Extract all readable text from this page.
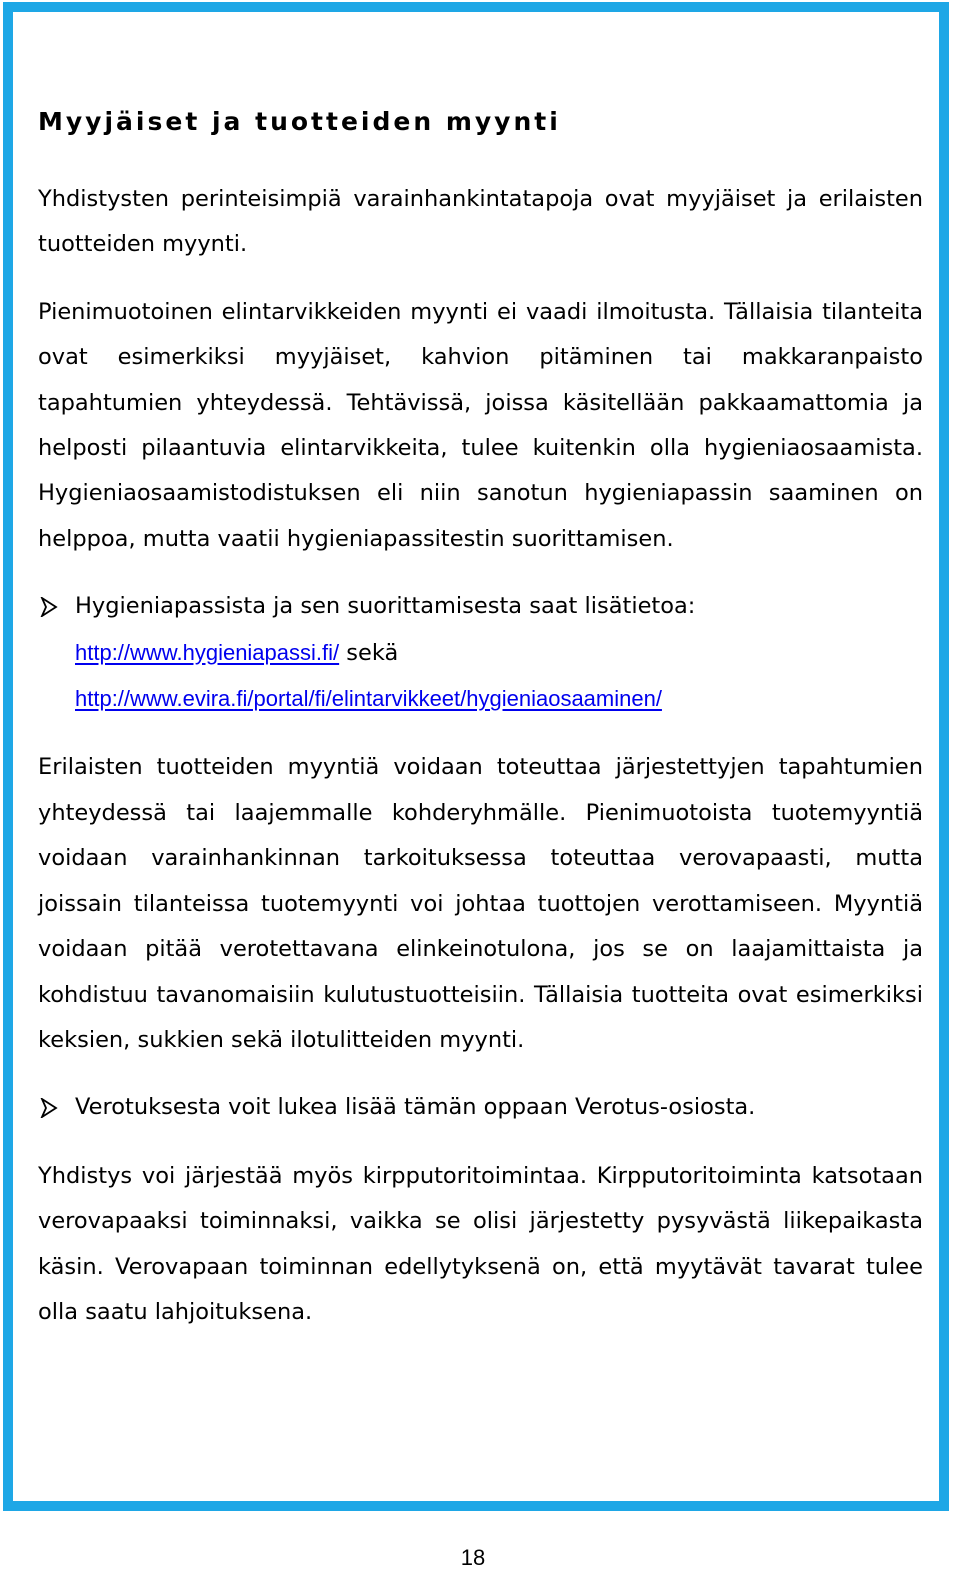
Myyjäiset ja tuotteiden myynti

Yhdistysten perinteisimpiä varainhankintatapoja ovat myyjäiset ja erilaisten tuotteiden myynti.

Pienimuotoinen elintarvikkeiden myynti ei vaadi ilmoitusta. Tällaisia tilanteita ovat esimerkiksi myyjäiset, kahvion pitäminen tai makkaranpaisto tapahtumien yhteydessä. Tehtävissä, joissa käsitellään pakkaamattomia ja helposti pilaantuvia elintarvikkeita, tulee kuitenkin olla hygieniaosaamista. Hygieniaosaamistodistuksen eli niin sanotun hygieniapassin saaminen on helppoa, mutta vaatii hygieniapassitestin suorittamisen.

Hygieniapassista ja sen suorittamisesta saat lisätietoa:
http://www.hygieniapassi.fi/ sekä
http://www.evira.fi/portal/fi/elintarvikkeet/hygieniaosaaminen/

Erilaisten tuotteiden myyntiä voidaan toteuttaa järjestettyjen tapahtumien yhteydessä tai laajemmalle kohderyhmälle. Pienimuotoista tuotemyyntiä voidaan varainhankinnan tarkoituksessa toteuttaa verovapaasti, mutta joissain tilanteissa tuotemyynti voi johtaa tuottojen verottamiseen. Myyntiä voidaan pitää verotettavana elinkeinotulona, jos se on laajamittaista ja kohdistuu tavanomaisiin kulutustuotteisiin. Tällaisia tuotteita ovat esimerkiksi keksien, sukkien sekä ilotulitteiden myynti.

Verotuksesta voit lukea lisää tämän oppaan Verotus-osiosta.

Yhdistys voi järjestää myös kirpputoritoimintaa. Kirpputoritoiminta katsotaan verovapaaksi toiminnaksi, vaikka se olisi järjestetty pysyvästä liikepaikasta käsin. Verovapaan toiminnan edellytyksenä on, että myytävät tavarat tulee olla saatu lahjoituksena.

18
